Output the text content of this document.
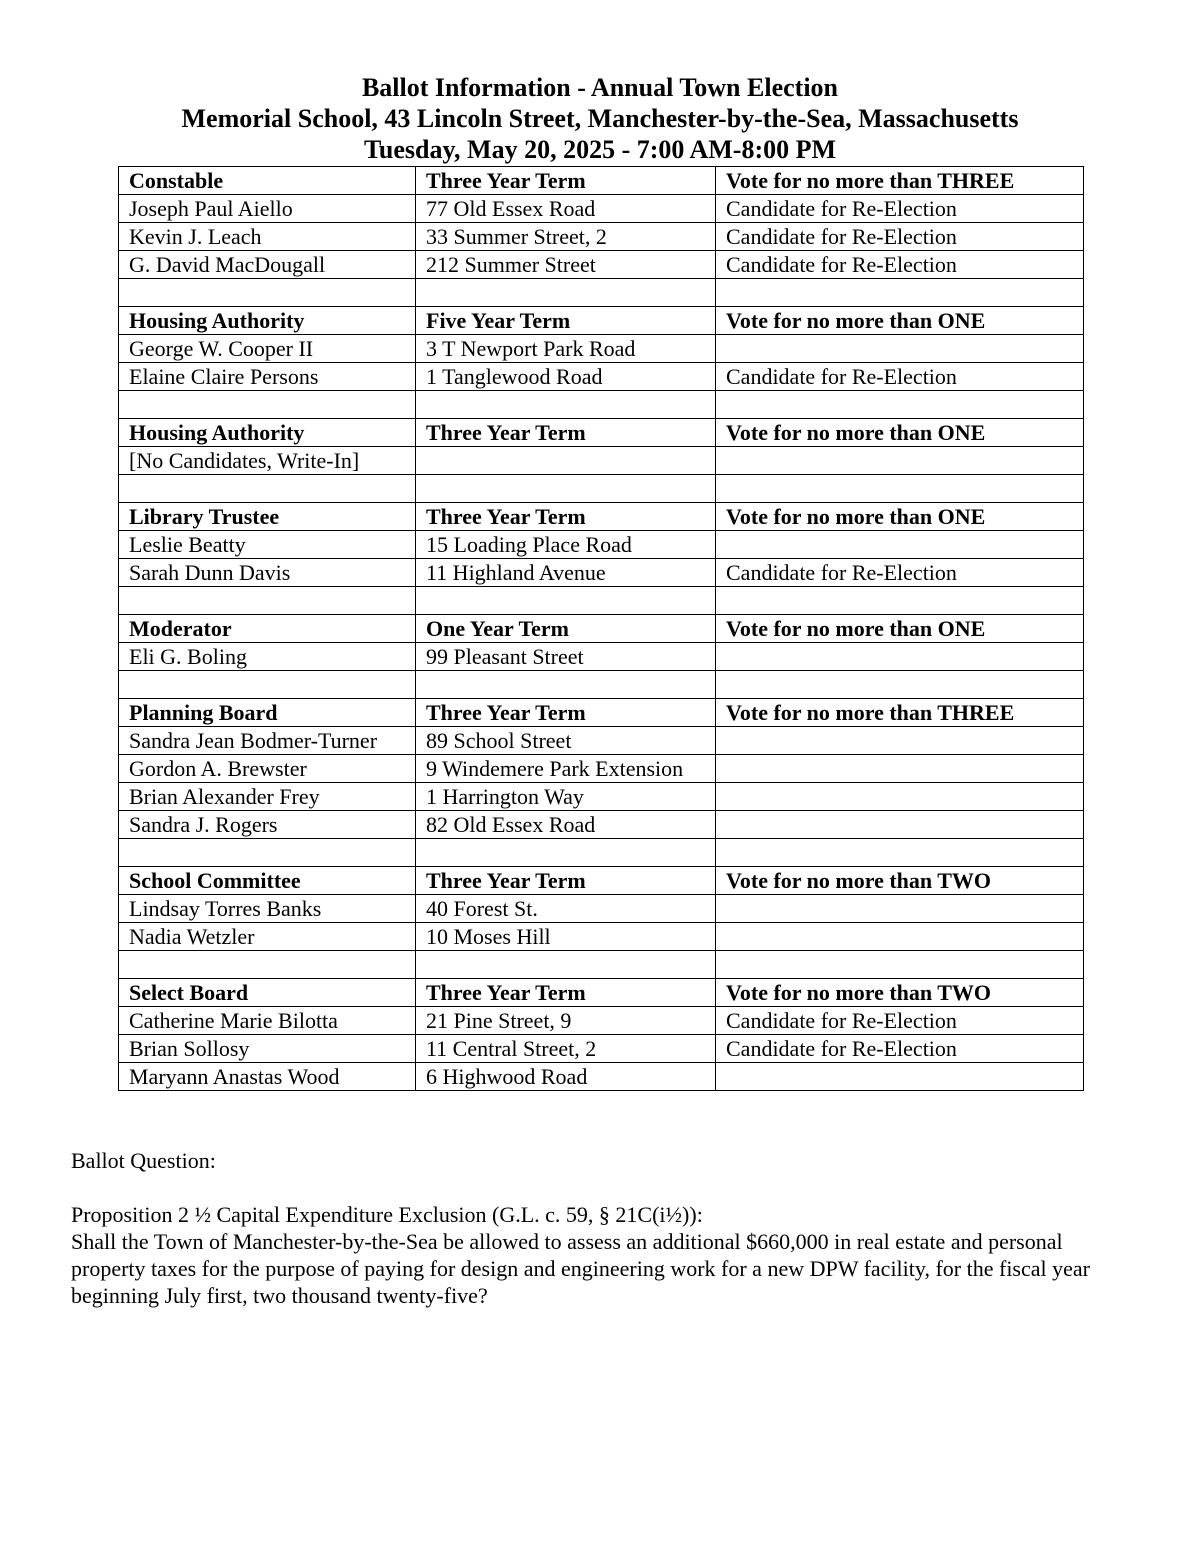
Ballot Information - Annual Town Election
Memorial School, 43 Lincoln Street, Manchester-by-the-Sea, Massachusetts
Tuesday, May 20, 2025 - 7:00 AM-8:00 PM
Constable	Three Year Term	Vote for no more than THREE
Joseph Paul Aiello	77 Old Essex Road	Candidate for Re-Election
Kevin J. Leach	33 Summer Street, 2	Candidate for Re-Election
G. David MacDougall	212 Summer Street	Candidate for Re-Election

Housing Authority	Five Year Term	Vote for no more than ONE
George W. Cooper II	3 T Newport Park Road	
Elaine Claire Persons	1 Tanglewood Road	Candidate for Re-Election

Housing Authority	Three Year Term	Vote for no more than ONE
[No Candidates, Write-In]		

Library Trustee	Three Year Term	Vote for no more than ONE
Leslie Beatty	15 Loading Place Road	
Sarah Dunn Davis	11 Highland Avenue	Candidate for Re-Election

Moderator	One Year Term	Vote for no more than ONE
Eli G. Boling	99 Pleasant Street	

Planning Board	Three Year Term	Vote for no more than THREE
Sandra Jean Bodmer-Turner	89 School Street	
Gordon A. Brewster	9 Windemere Park Extension	
Brian Alexander Frey	1 Harrington Way	
Sandra J. Rogers	82 Old Essex Road	

School Committee	Three Year Term	Vote for no more than TWO
Lindsay Torres Banks	40 Forest St.	
Nadia Wetzler	10 Moses Hill	

Select Board	Three Year Term	Vote for no more than TWO
Catherine Marie Bilotta	21 Pine Street, 9	Candidate for Re-Election
Brian Sollosy	11 Central Street, 2	Candidate for Re-Election
Maryann Anastas Wood	6 Highwood Road	
Ballot Question:

Proposition 2 ½ Capital Expenditure Exclusion (G.L. c. 59, § 21C(i½)):

Shall the Town of Manchester-by-the-Sea be allowed to assess an additional $660,000 in real estate and personal property taxes for the purpose of paying for design and engineering work for a new DPW facility, for the fiscal year beginning July first, two thousand twenty-five?
